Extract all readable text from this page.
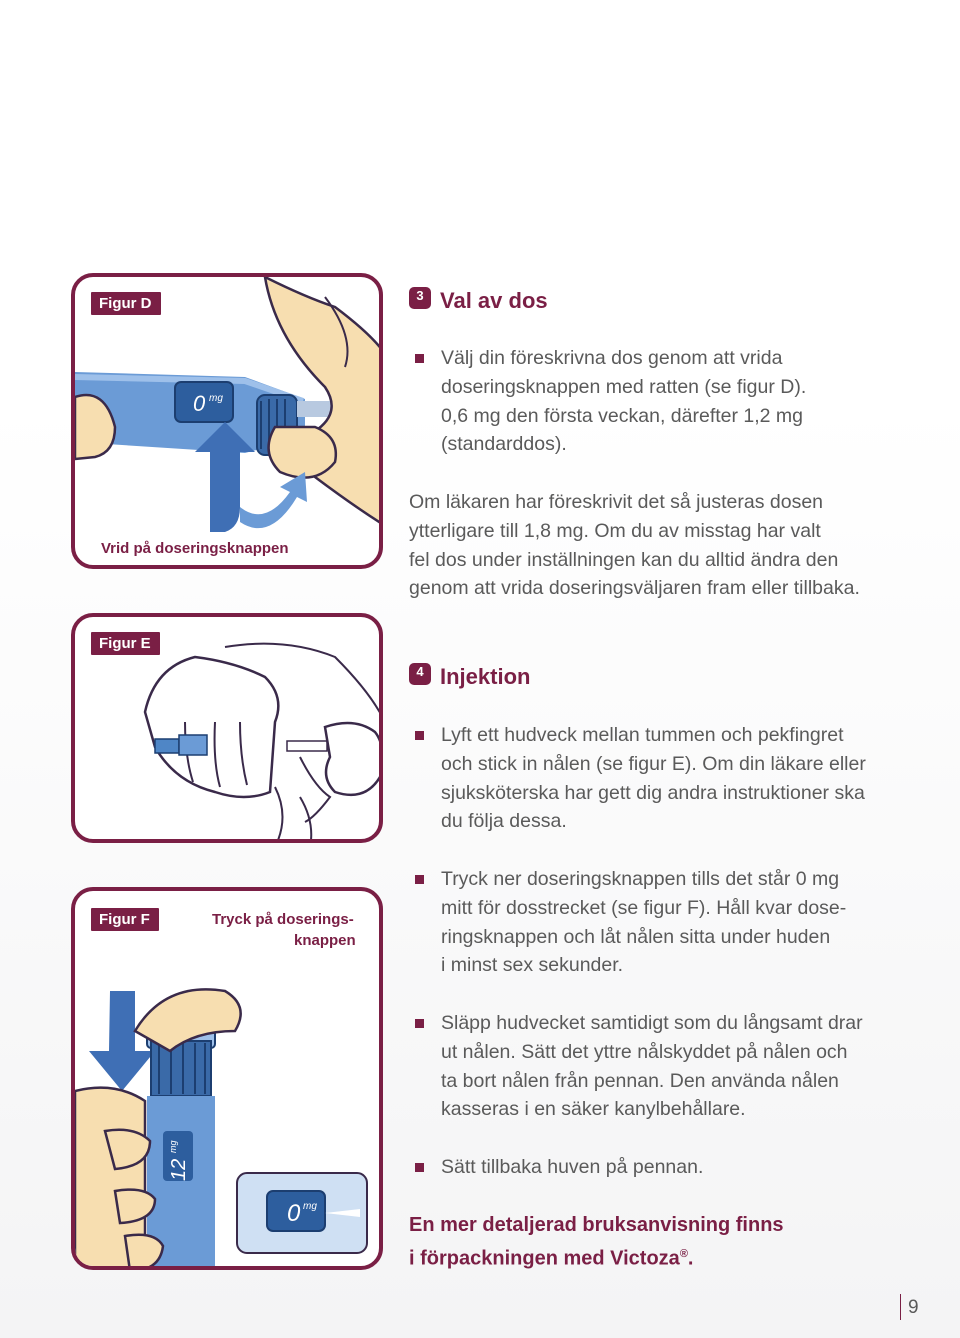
0 mg
Figur D
Vrid på doseringsknappen
Figur E
12
mg
0 mg
Figur F	Tryck på doserings-
knappen
3 Val av dos
Välj din föreskrivna dos genom att vrida
doseringsknappen med ratten (se figur D).
0,6 mg den första veckan, därefter 1,2 mg
(standarddos).
Om läkaren har föreskrivit det så justeras dosen
ytterligare till 1,8 mg. Om du av misstag har valt
fel dos under inställningen kan du alltid ändra den
genom att vrida doseringsväljaren fram eller tillbaka.
4 Injektion
Lyft ett hudveck mellan tummen och pekfingret
och stick in nålen (se figur E). Om din läkare eller
sjuksköterska har gett dig andra instruktioner ska
du följa dessa.
Tryck ner doseringsknappen tills det står 0 mg
mitt för dosstrecket (se figur F). Håll kvar dose-
ringsknappen och låt nålen sitta under huden
i minst sex sekunder.
Släpp hudvecket samtidigt som du långsamt drar
ut nålen. Sätt det yttre nålskyddet på nålen och
ta bort nålen från pennan. Den använda nålen
kasseras i en säker kanylbehållare.
Sätt tillbaka huven på pennan.
En mer detaljerad bruksanvisning finns
i förpackningen med Victoza®.
9
